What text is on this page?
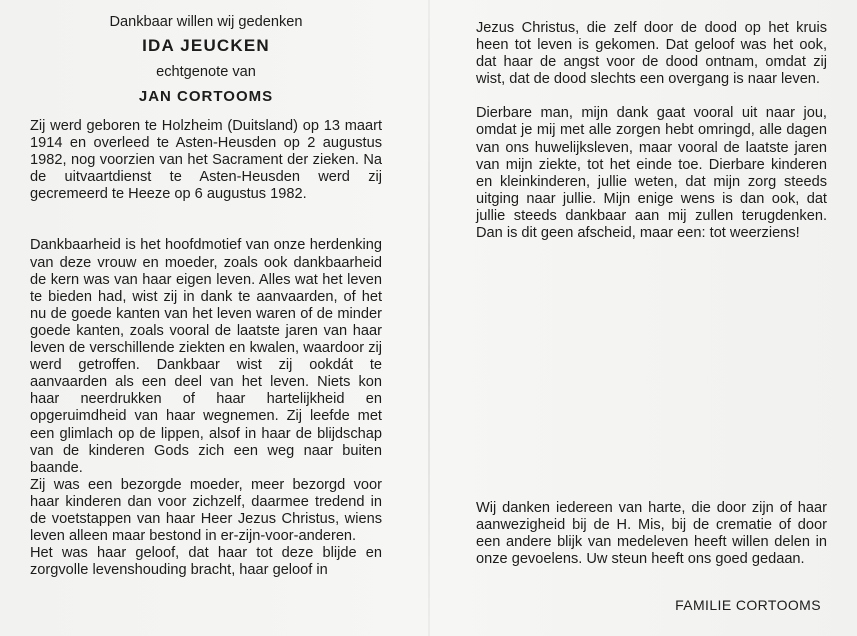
Dankbaar willen wij gedenken

IDA JEUCKEN

echtgenote van

JAN CORTOOMS

Zij werd geboren te Holzheim (Duitsland) op 13 maart 1914 en overleed te Asten-Heusden op 2 augustus 1982, nog voorzien van het Sacrament der zieken. Na de uitvaartdienst te Asten-Heusden werd zij gecremeerd te Heeze op 6 augustus 1982.

Dankbaarheid is het hoofdmotief van onze herdenking van deze vrouw en moeder, zoals ook dankbaarheid de kern was van haar eigen leven. Alles wat het leven te bieden had, wist zij in dank te aanvaarden, of het nu de goede kanten van het leven waren of de minder goede kanten, zoals vooral de laatste jaren van haar leven de verschillende ziekten en kwalen, waardoor zij werd getroffen. Dankbaar wist zij ookdát te aanvaarden als een deel van het leven. Niets kon haar neerdrukken of haar hartelijkheid en opgeruimdheid van haar wegnemen. Zij leefde met een glimlach op de lippen, alsof in haar de blijdschap van de kinderen Gods zich een weg naar buiten baande.

Zij was een bezorgde moeder, meer bezorgd voor haar kinderen dan voor zichzelf, daarmee tredend in de voetstappen van haar Heer Jezus Christus, wiens leven alleen maar bestond in er-zijn-voor-anderen.

Het was haar geloof, dat haar tot deze blijde en zorgvolle levenshouding bracht, haar geloof in

Jezus Christus, die zelf door de dood op het kruis heen tot leven is gekomen. Dat geloof was het ook, dat haar de angst voor de dood ontnam, omdat zij wist, dat de dood slechts een overgang is naar leven.

Dierbare man, mijn dank gaat vooral uit naar jou, omdat je mij met alle zorgen hebt omringd, alle dagen van ons huwelijksleven, maar vooral de laatste jaren van mijn ziekte, tot het einde toe. Dierbare kinderen en kleinkinderen, jullie weten, dat mijn zorg steeds uitging naar jullie. Mijn enige wens is dan ook, dat jullie steeds dankbaar aan mij zullen terugdenken. Dan is dit geen afscheid, maar een: tot weerziens!

Wij danken iedereen van harte, die door zijn of haar aanwezigheid bij de H. Mis, bij de crematie of door een andere blijk van medeleven heeft willen delen in onze gevoelens. Uw steun heeft ons goed gedaan.

FAMILIE CORTOOMS
